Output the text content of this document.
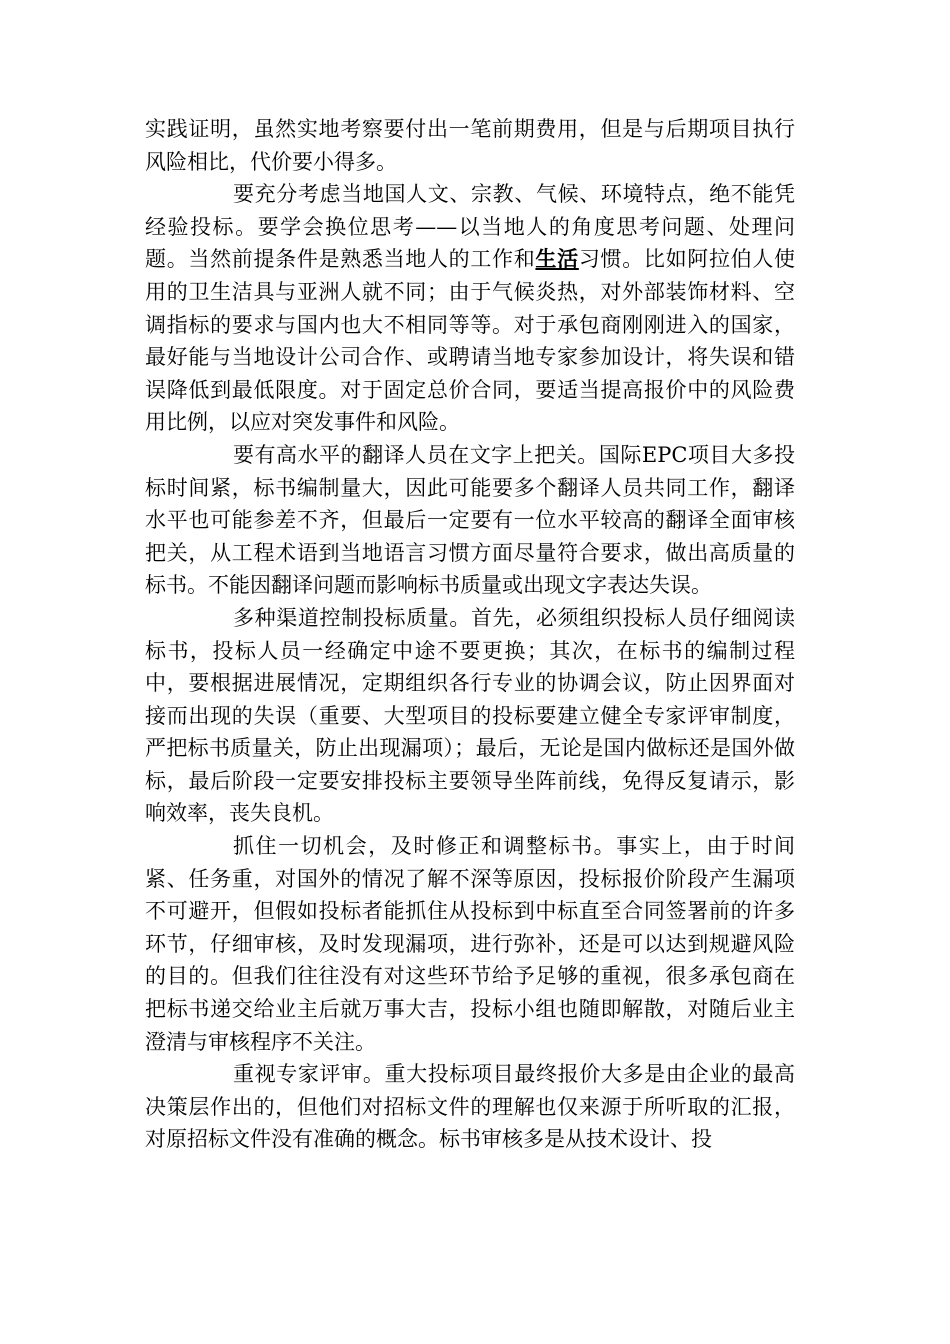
实践证明，虽然实地考察要付出一笔前期费用，但是与后期项目执行风险相比，代价要小得多。

要充分考虑当地国人文、宗教、气候、环境特点，绝不能凭经验投标。要学会换位思考——以当地人的角度思考问题、处理问题。当然前提条件是熟悉当地人的工作和生活习惯。比如阿拉伯人使用的卫生洁具与亚洲人就不同；由于气候炎热，对外部装饰材料、空调指标的要求与国内也大不相同等等。对于承包商刚刚进入的国家，最好能与当地设计公司合作、或聘请当地专家参加设计，将失误和错误降低到最低限度。对于固定总价合同，要适当提高报价中的风险费用比例，以应对突发事件和风险。

要有高水平的翻译人员在文字上把关。国际EPC项目大多投标时间紧，标书编制量大，因此可能要多个翻译人员共同工作，翻译水平也可能参差不齐，但最后一定要有一位水平较高的翻译全面审核把关，从工程术语到当地语言习惯方面尽量符合要求，做出高质量的标书。不能因翻译问题而影响标书质量或出现文字表达失误。

多种渠道控制投标质量。首先，必须组织投标人员仔细阅读标书，投标人员一经确定中途不要更换；其次，在标书的编制过程中，要根据进展情况，定期组织各行专业的协调会议，防止因界面对接而出现的失误（重要、大型项目的投标要建立健全专家评审制度，严把标书质量关，防止出现漏项）；最后，无论是国内做标还是国外做标，最后阶段一定要安排投标主要领导坐阵前线，免得反复请示，影响效率，丧失良机。

抓住一切机会，及时修正和调整标书。事实上，由于时间紧、任务重，对国外的情况了解不深等原因，投标报价阶段产生漏项不可避开，但假如投标者能抓住从投标到中标直至合同签署前的许多环节，仔细审核，及时发现漏项，进行弥补，还是可以达到规避风险的目的。但我们往往没有对这些环节给予足够的重视，很多承包商在把标书递交给业主后就万事大吉，投标小组也随即解散，对随后业主澄清与审核程序不关注。

重视专家评审。重大投标项目最终报价大多是由企业的最高决策层作出的，但他们对招标文件的理解也仅来源于所听取的汇报，对原招标文件没有准确的概念。标书审核多是从技术设计、投
